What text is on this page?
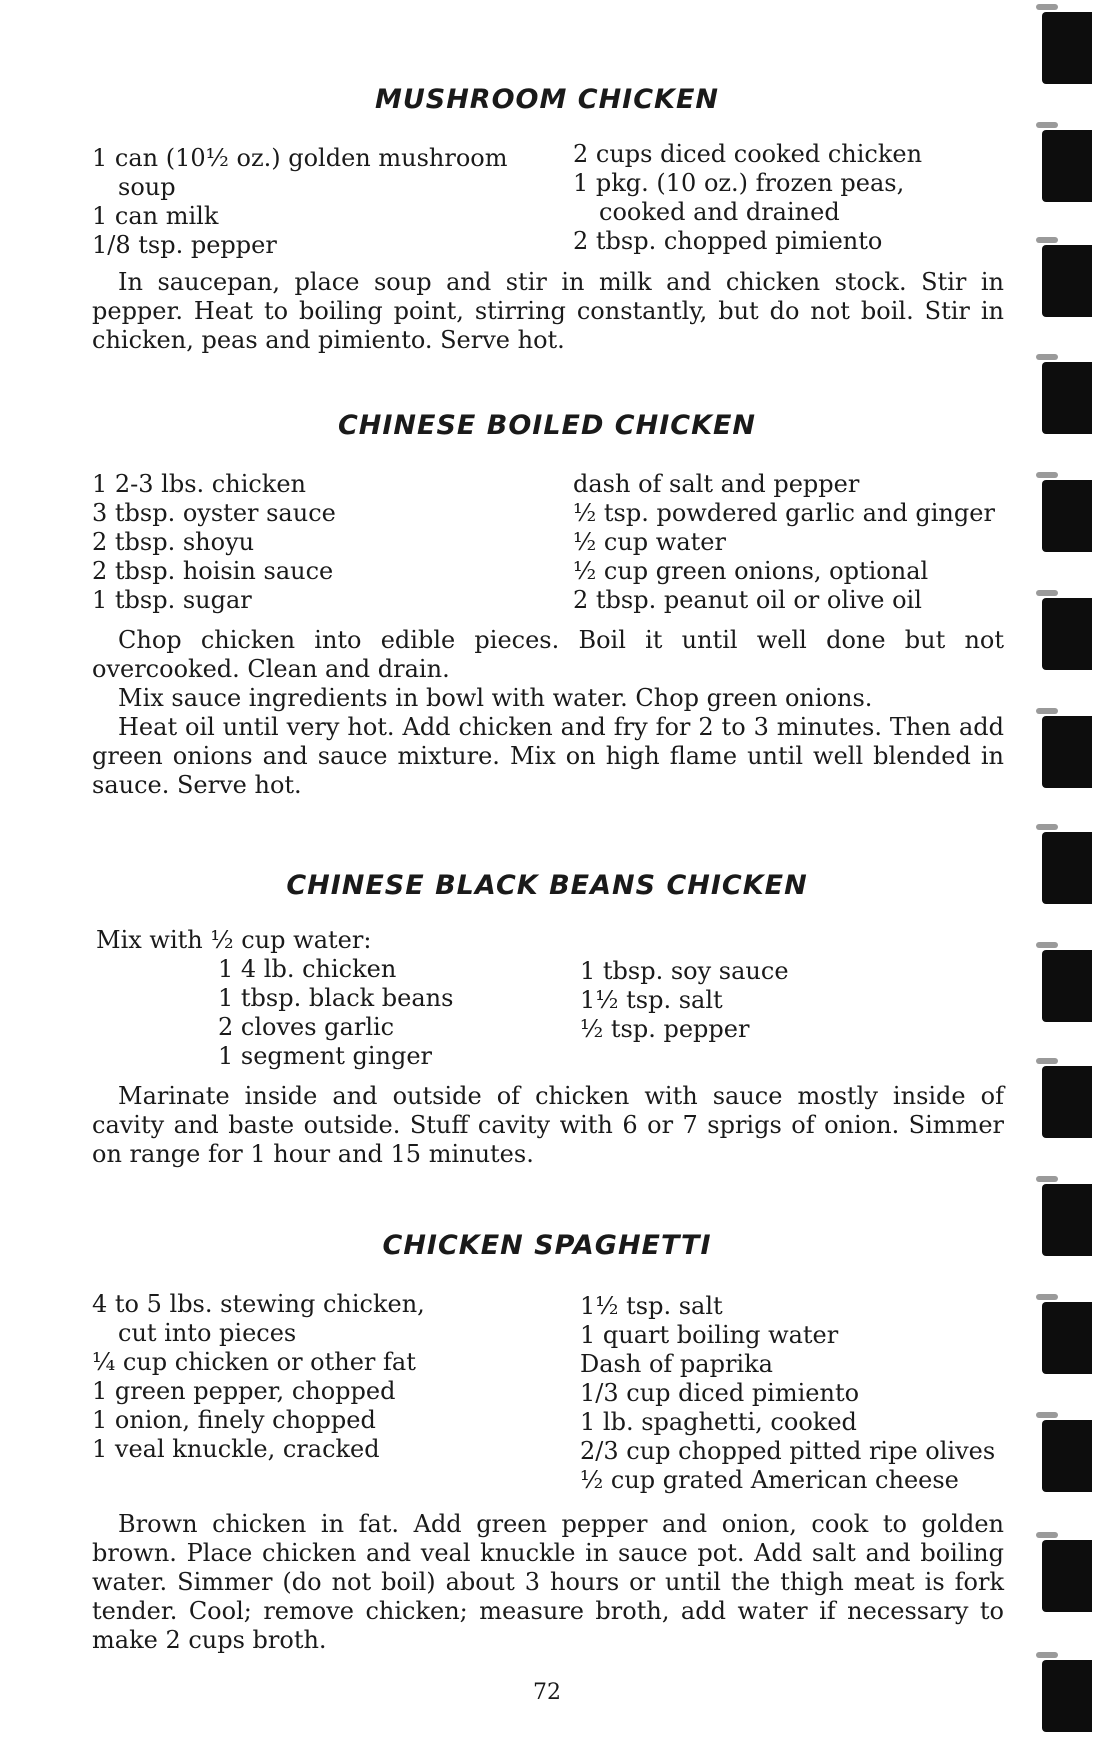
MUSHROOM CHICKEN
1 can (10½ oz.) golden mushroom
soup
1 can milk
1/8 tsp. pepper
2 cups diced cooked chicken
1 pkg. (10 oz.) frozen peas,
cooked and drained
2 tbsp. chopped pimiento
In saucepan, place soup and stir in milk and chicken stock. Stir in pepper. Heat to boiling point, stirring constantly, but do not boil. Stir in chicken, peas and pimiento. Serve hot.
CHINESE BOILED CHICKEN
1 2-3 lbs. chicken
3 tbsp. oyster sauce
2 tbsp. shoyu
2 tbsp. hoisin sauce
1 tbsp. sugar
dash of salt and pepper
½ tsp. powdered garlic and ginger
½ cup water
½ cup green onions, optional
2 tbsp. peanut oil or olive oil
Chop chicken into edible pieces. Boil it until well done but not overcooked. Clean and drain.
Mix sauce ingredients in bowl with water. Chop green onions.
Heat oil until very hot. Add chicken and fry for 2 to 3 minutes. Then add green onions and sauce mixture. Mix on high flame until well blended in sauce. Serve hot.
CHINESE BLACK BEANS CHICKEN
Mix with ½ cup water:
1 4 lb. chicken
1 tbsp. black beans
2 cloves garlic
1 segment ginger
1 tbsp. soy sauce
1½ tsp. salt
½ tsp. pepper
Marinate inside and outside of chicken with sauce mostly inside of cavity and baste outside. Stuff cavity with 6 or 7 sprigs of onion. Simmer on range for 1 hour and 15 minutes.
CHICKEN SPAGHETTI
4 to 5 lbs. stewing chicken,
cut into pieces
¼ cup chicken or other fat
1 green pepper, chopped
1 onion, finely chopped
1 veal knuckle, cracked
1½ tsp. salt
1 quart boiling water
Dash of paprika
1/3 cup diced pimiento
1 lb. spaghetti, cooked
2/3 cup chopped pitted ripe olives
½ cup grated American cheese
Brown chicken in fat. Add green pepper and onion, cook to golden brown. Place chicken and veal knuckle in sauce pot. Add salt and boiling water. Simmer (do not boil) about 3 hours or until the thigh meat is fork tender. Cool; remove chicken; measure broth, add water if necessary to make 2 cups broth.
72
